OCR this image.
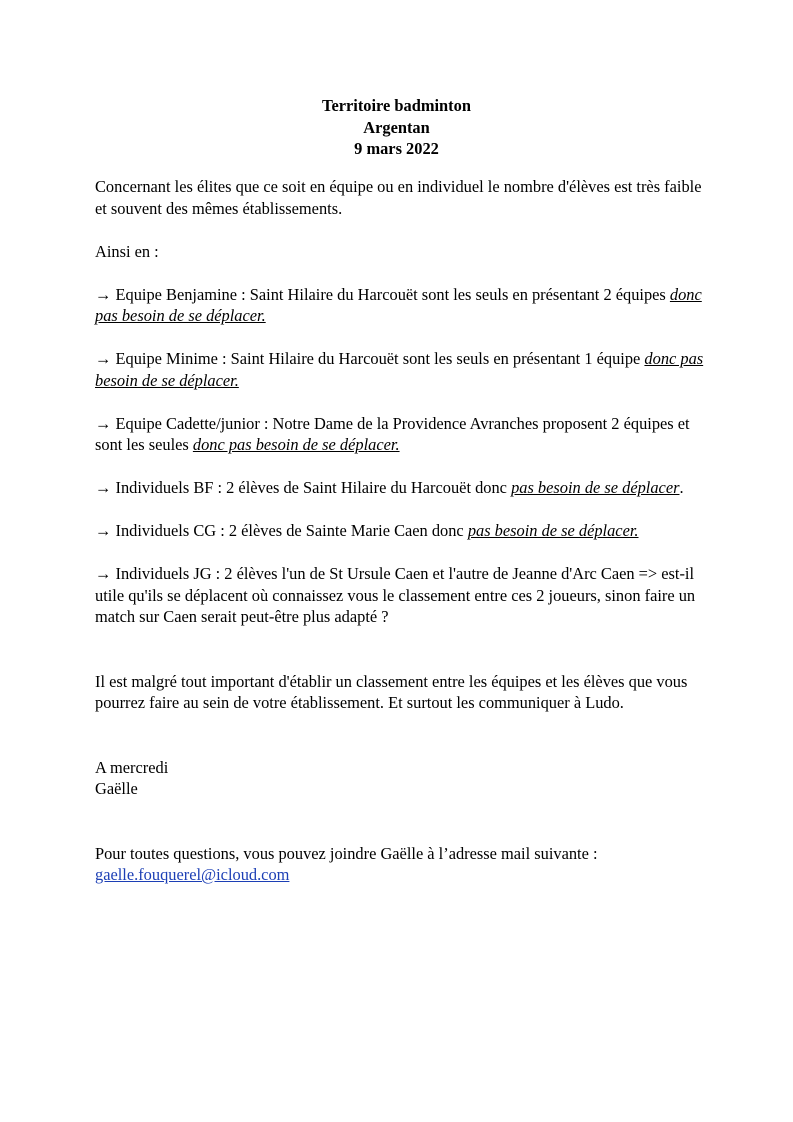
Territoire badminton
Argentan
9 mars 2022

Concernant les élites que ce soit en équipe ou en individuel le nombre d'élèves est très faible et souvent des mêmes établissements.

Ainsi en :

→ Equipe Benjamine : Saint Hilaire du Harcouët sont les seuls en présentant 2 équipes donc pas besoin de se déplacer.

→ Equipe Minime : Saint Hilaire du Harcouët sont les seuls en présentant 1 équipe donc pas besoin de se déplacer.

→ Equipe Cadette/junior : Notre Dame de la Providence Avranches proposent 2 équipes et sont les seules donc pas besoin de se déplacer.

→ Individuels BF : 2 élèves de Saint Hilaire du Harcouët donc pas besoin de se déplacer.

→ Individuels CG : 2 élèves de Sainte Marie Caen donc pas besoin de se déplacer.

→ Individuels JG : 2 élèves l'un de St Ursule Caen et l'autre de Jeanne d'Arc Caen => est-il utile qu'ils se déplacent où connaissez vous le classement entre ces 2 joueurs, sinon faire un match sur Caen serait peut-être plus adapté ?

Il est malgré tout important d'établir un classement entre les équipes et les élèves que vous pourrez faire au sein de votre établissement. Et surtout les communiquer à Ludo.

A mercredi

Gaëlle

Pour toutes questions, vous pouvez joindre Gaëlle à l’adresse mail suivante :

gaelle.fouquerel@icloud.com
